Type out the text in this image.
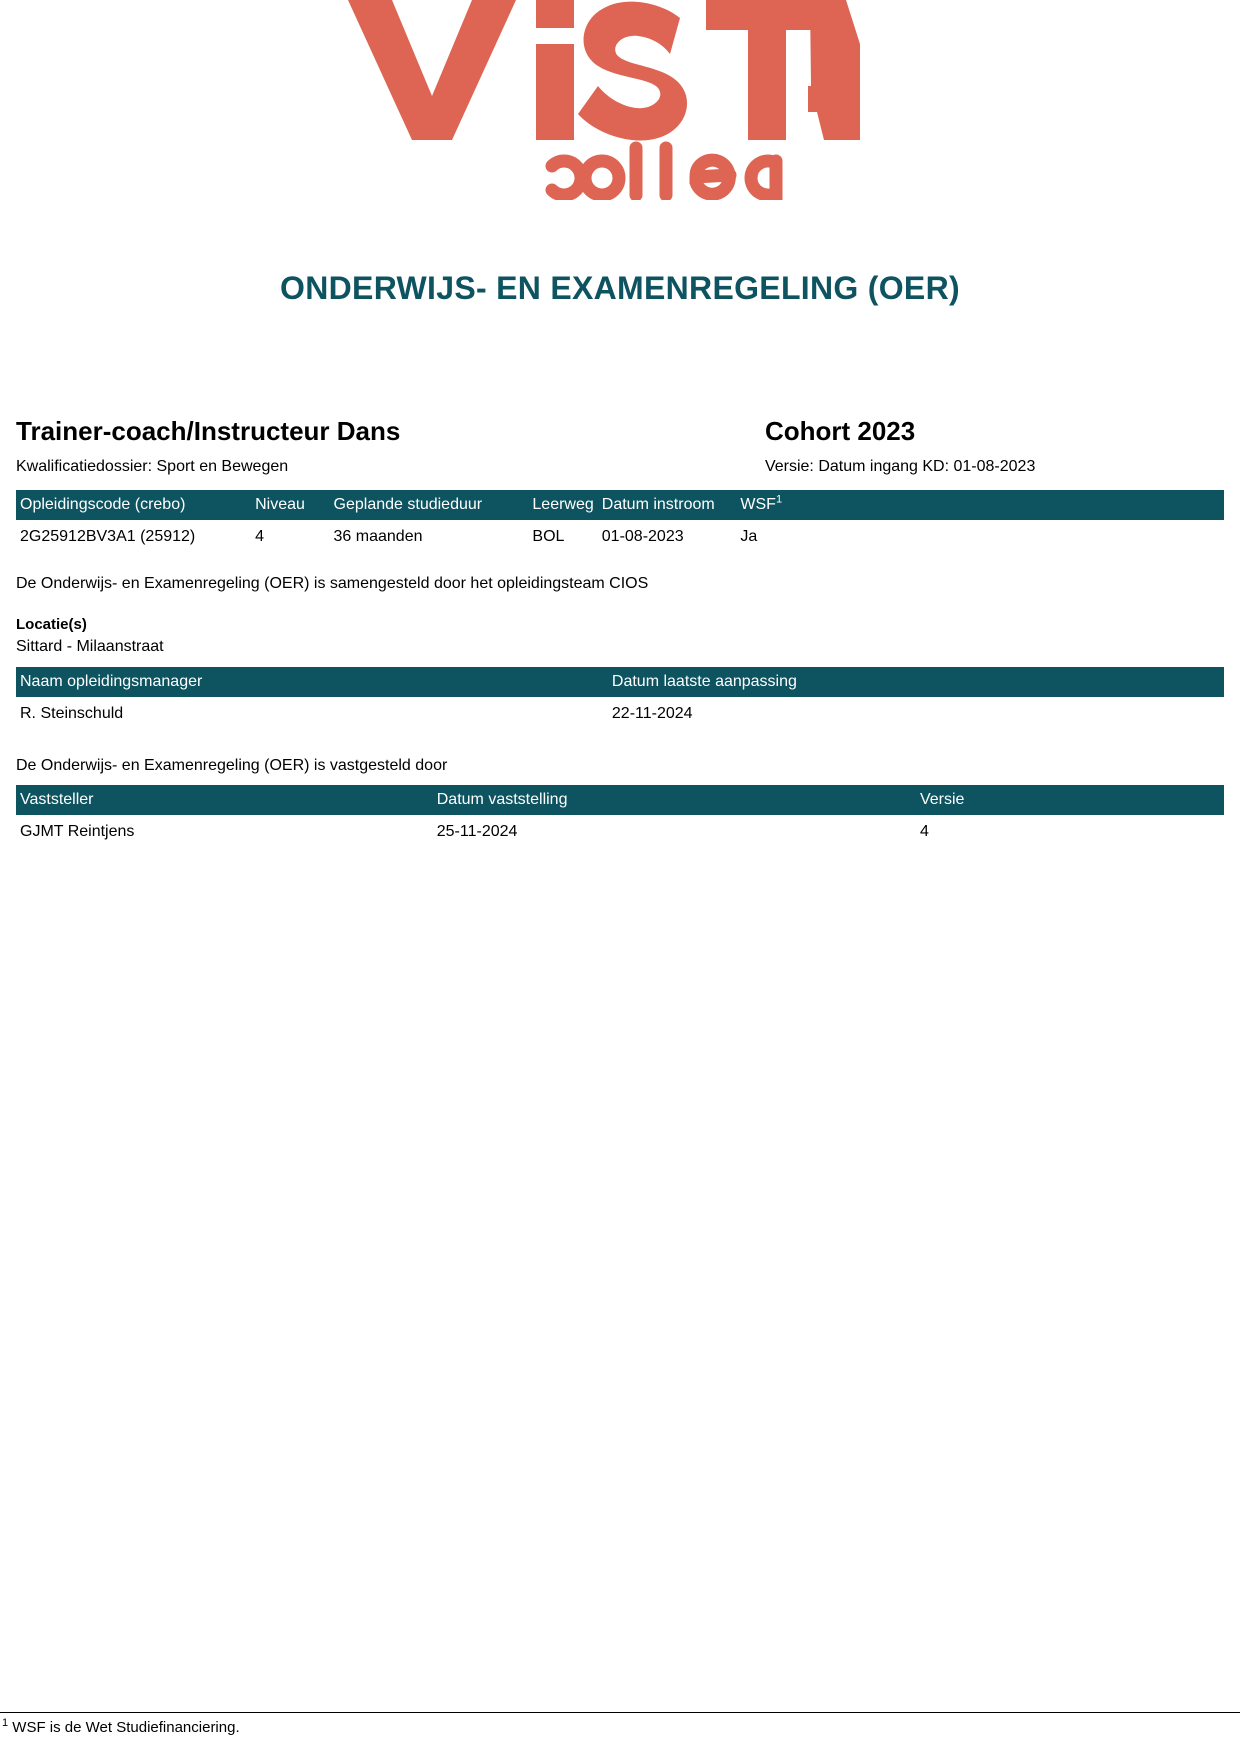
ONDERWIJS- EN EXAMENREGELING (OER)
Trainer-coach/Instructeur Dans
Kwalificatiedossier: Sport en Bewegen
Cohort 2023
Versie: Datum ingang KD: 01-08-2023
Opleidingscode (crebo)	Niveau	Geplande studieduur	Leerweg	Datum instroom	WSF$^1$
2G25912BV3A1 (25912)	4	36 maanden	BOL	01-08-2023	Ja
De Onderwijs- en Examenregeling (OER) is samengesteld door het opleidingsteam CIOS
Locatie(s)
Sittard - Milaanstraat
Naam opleidingsmanager	Datum laatste aanpassing
R. Steinschuld	22-11-2024
De Onderwijs- en Examenregeling (OER) is vastgesteld door
Vaststeller	Datum vaststelling	Versie
GJMT Reintjens	25-11-2024	4
$^1$ WSF is de Wet Studiefinanciering.
